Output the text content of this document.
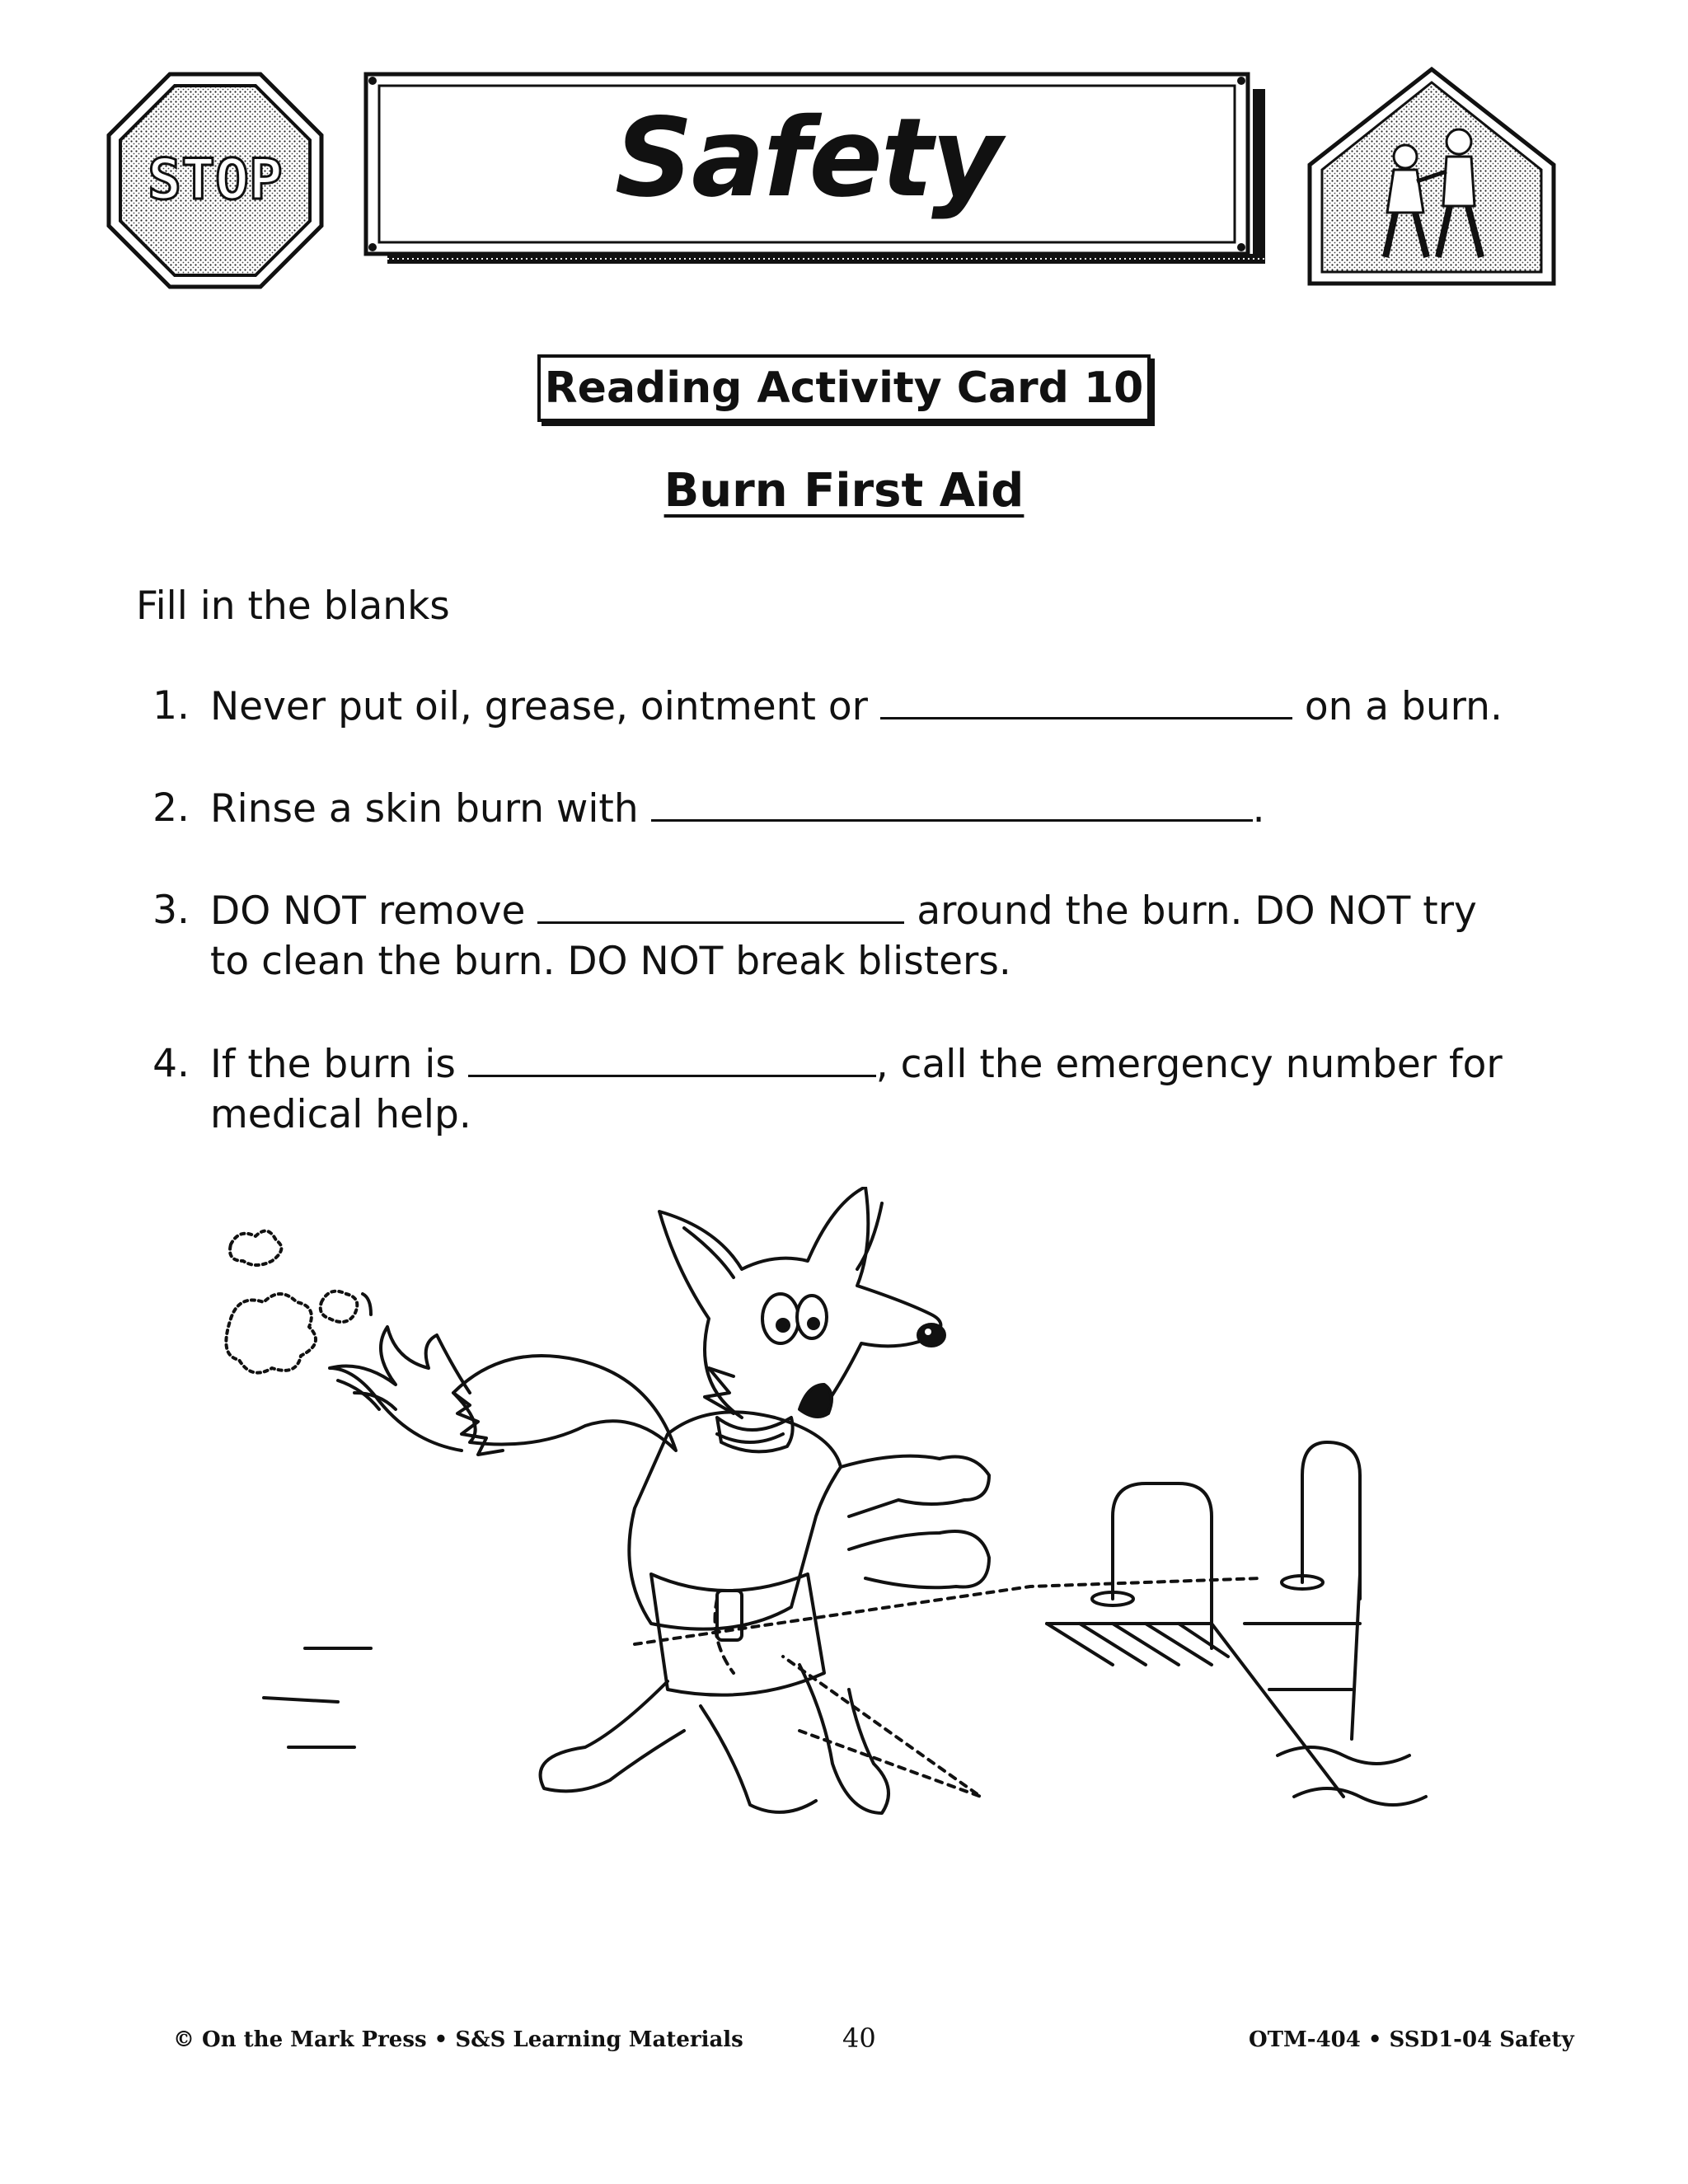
STOP	Safety
Reading Activity Card 10
Burn First Aid
Fill in the blanks
1. Never put oil, grease, ointment or	on a burn.
2. Rinse a skin burn with	.
3. DO NOT remove	around the burn. DO NOT try
to clean the burn. DO NOT break blisters.
4. If the burn is	, call the emergency number for
medical help.
© On the Mark Press • S&S Learning Materials	40	OTM-404 • SSD1-04 Safety
